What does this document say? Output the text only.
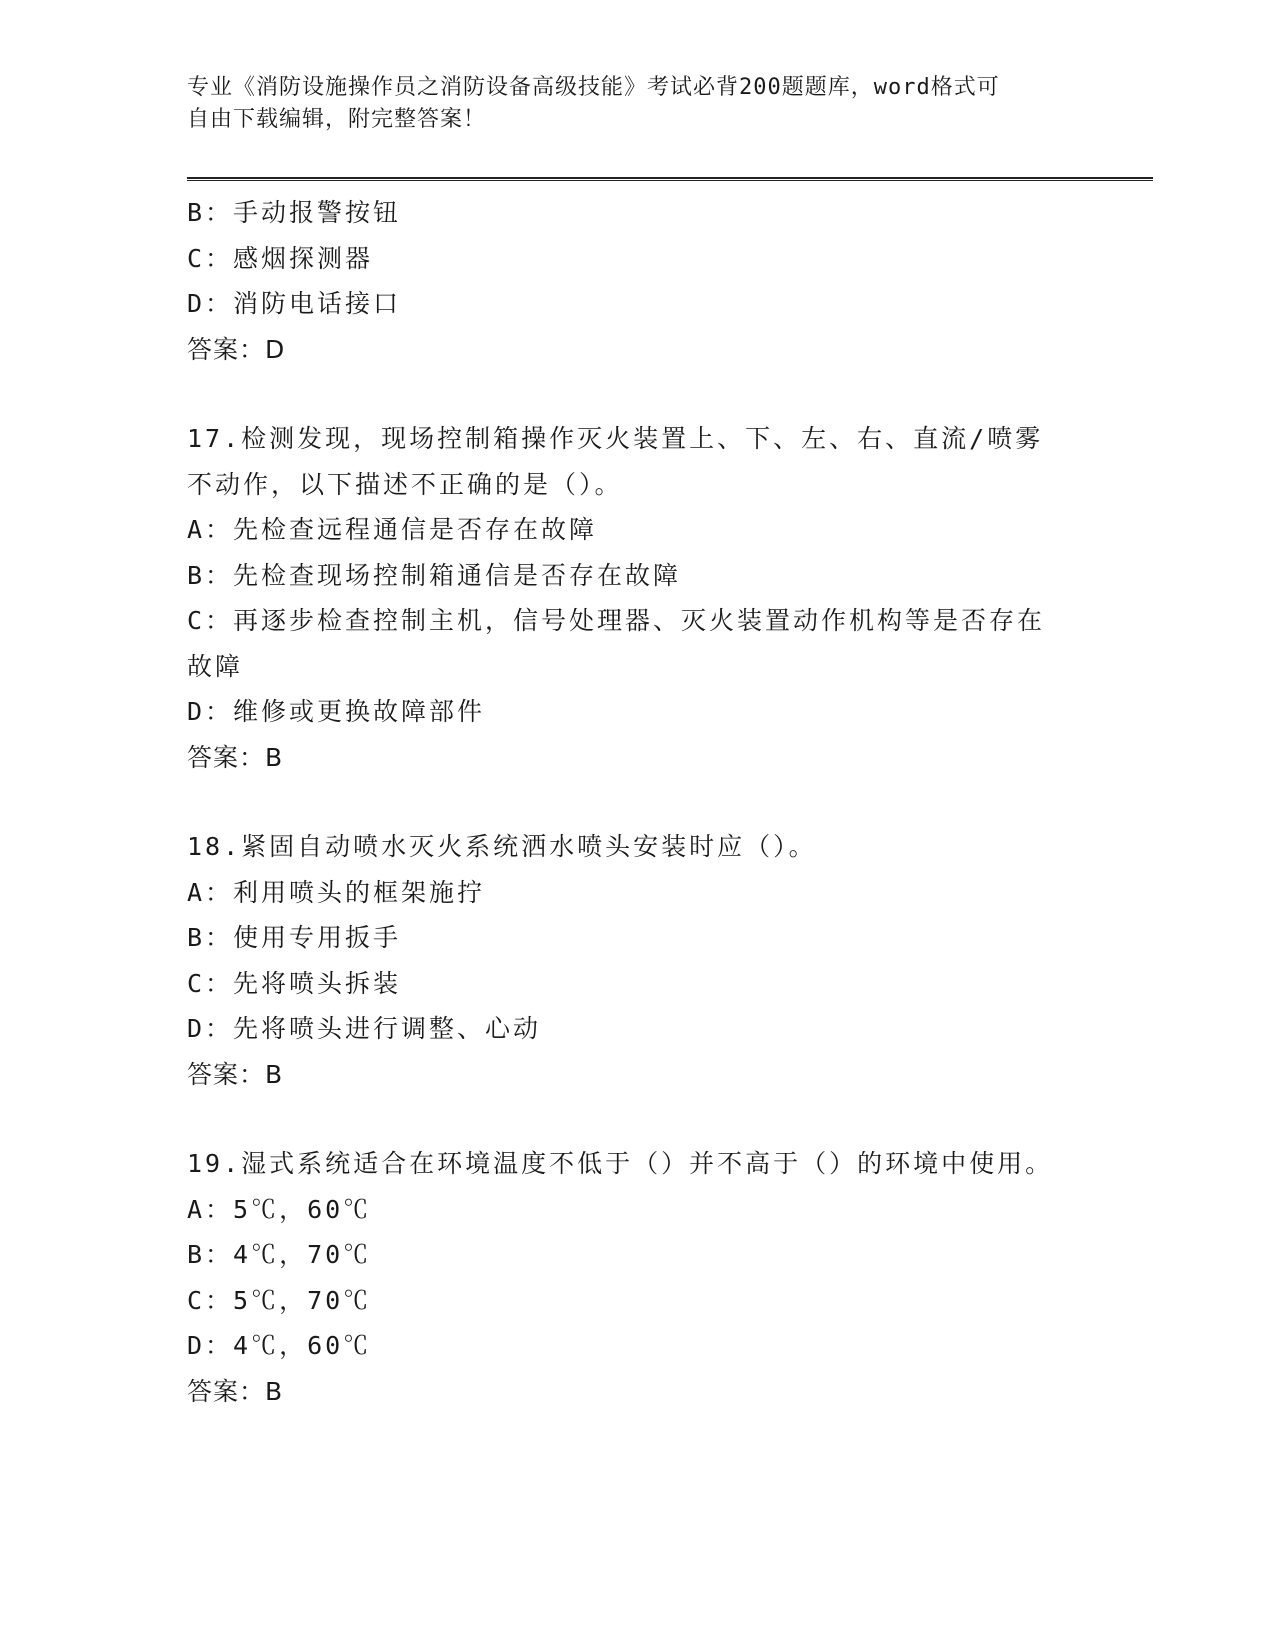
专业《消防设施操作员之消防设备高级技能》考试必背200题题库，word格式可
自由下载编辑，附完整答案！
B：手动报警按钮
C：感烟探测器
D：消防电话接口
答案：D
17.检测发现，现场控制箱操作灭火装置上、下、左、右、直流/喷雾
不动作，以下描述不正确的是（）。
A：先检查远程通信是否存在故障
B：先检查现场控制箱通信是否存在故障
C：再逐步检查控制主机，信号处理器、灭火装置动作机构等是否存在
故障
D：维修或更换故障部件
答案：B
18.紧固自动喷水灭火系统洒水喷头安装时应（）。
A：利用喷头的框架施拧
B：使用专用扳手
C：先将喷头拆装
D：先将喷头进行调整、心动
答案：B
19.湿式系统适合在环境温度不低于（）并不高于（）的环境中使用。
A：5℃，60℃
B：4℃，70℃
C：5℃，70℃
D：4℃，60℃
答案：B
